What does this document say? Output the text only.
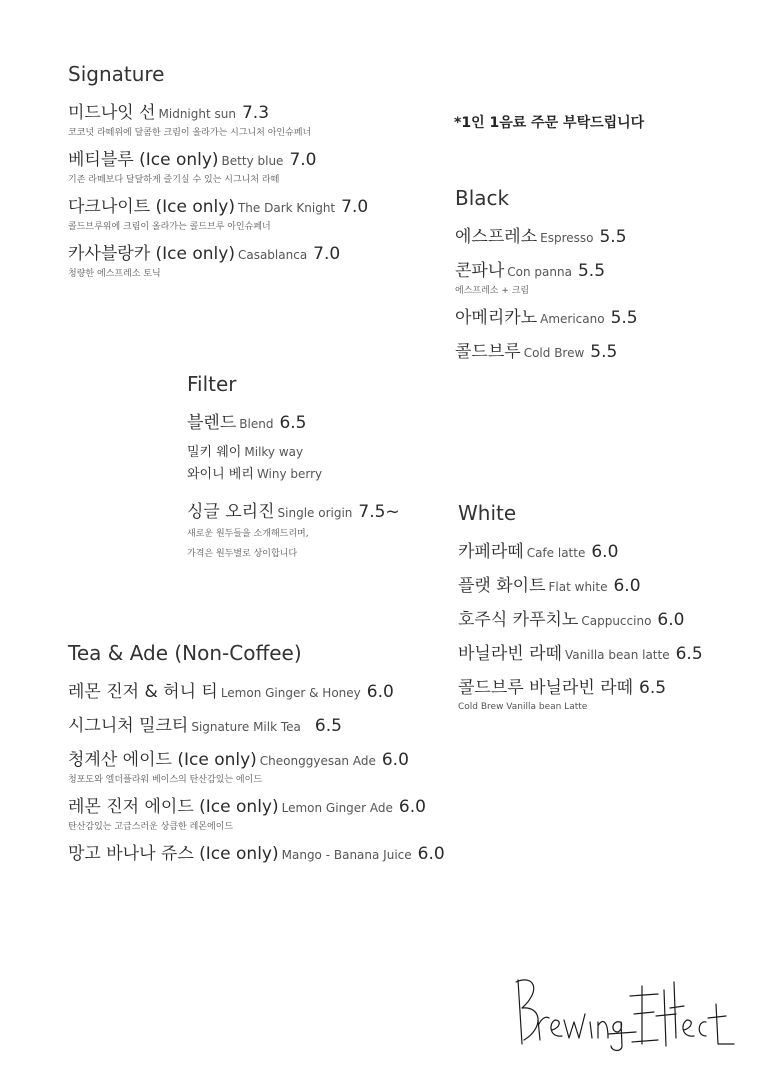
*1인 1음료 주문 부탁드립니다
Signature
미드나잇 선 Midnight sun 7.3
코코넛 라떼위에 달콤한 크림이 올라가는 시그니처 아인슈페너
베티블루 (Ice only) Betty blue 7.0
기존 라떼보다 달달하게 즐기실 수 있는 시그니처 라떼
다크나이트 (Ice only) The Dark Knight 7.0
콜드브루위에 크림이 올라가는 콜드브루 아인슈페너
카사블랑카 (Ice only) Casablanca 7.0
청량한 에스프레소 토닉
Filter
블렌드 Blend 6.5
밀키 웨이 Milky way
와이니 베리 Winy berry
싱글 오리진 Single origin 7.5~
새로운 원두들을 소개해드리며,
가격은 원두별로 상이합니다
Tea & Ade (Non-Coffee)
레몬 진저 & 허니 티 Lemon Ginger & Honey 6.0
시그니처 밀크티 Signature Milk Tea 6.5
청계산 에이드 (Ice only) Cheonggyesan Ade 6.0
청포도와 엘더플라워 베이스의 탄산감있는 에이드
레몬 진저 에이드 (Ice only) Lemon Ginger Ade 6.0
탄산감있는 고급스러운 상큼한 레몬에이드
망고 바나나 쥬스 (Ice only) Mango - Banana Juice 6.0
Black
에스프레소 Espresso 5.5
콘파나 Con panna 5.5
에스프레소 + 크림
아메리카노 Americano 5.5
콜드브루 Cold Brew 5.5
White
카페라떼 Cafe latte 6.0
플랫 화이트 Flat white 6.0
호주식 카푸치노 Cappuccino 6.0
바닐라빈 라떼 Vanilla bean latte 6.5
콜드브루 바닐라빈 라떼 6.5
Cold Brew Vanilla bean Latte
